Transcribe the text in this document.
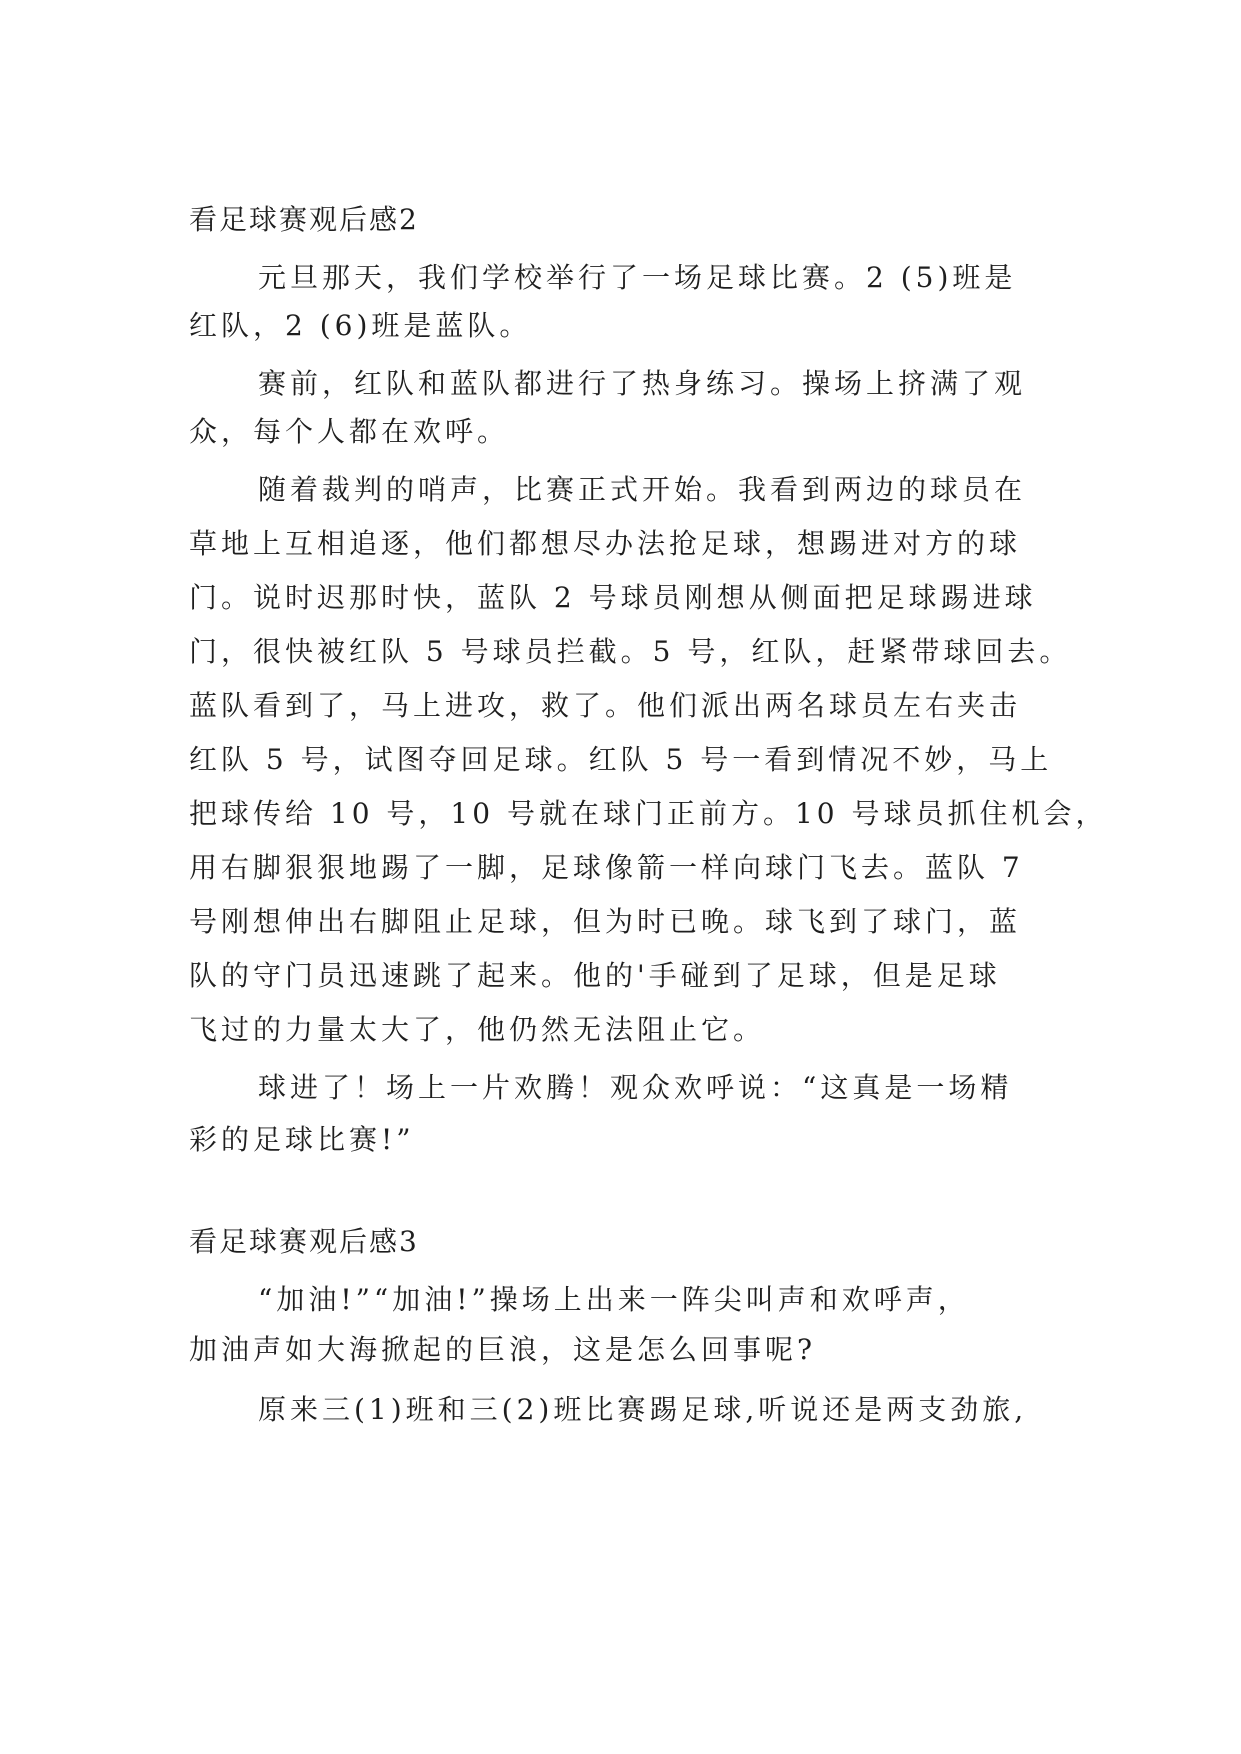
看足球赛观后感2
元旦那天，我们学校举行了一场足球比赛。2 (5)班是
红队，2 (6)班是蓝队。
赛前，红队和蓝队都进行了热身练习。操场上挤满了观
众，每个人都在欢呼。
随着裁判的哨声，比赛正式开始。我看到两边的球员在
草地上互相追逐，他们都想尽办法抢足球，想踢进对方的球
门。说时迟那时快，蓝队 2 号球员刚想从侧面把足球踢进球
门，很快被红队 5 号球员拦截。5 号，红队，赶紧带球回去。
蓝队看到了，马上进攻，救了。他们派出两名球员左右夹击
红队 5 号，试图夺回足球。红队 5 号一看到情况不妙，马上
把球传给 10 号，10 号就在球门正前方。10 号球员抓住机会，
用右脚狠狠地踢了一脚，足球像箭一样向球门飞去。蓝队 7
号刚想伸出右脚阻止足球，但为时已晚。球飞到了球门，蓝
队的守门员迅速跳了起来。他的'手碰到了足球，但是足球
飞过的力量太大了，他仍然无法阻止它。
球进了！场上一片欢腾！观众欢呼说：“这真是一场精
彩的足球比赛!”
看足球赛观后感3
“加油!”“加油!”操场上出来一阵尖叫声和欢呼声，
加油声如大海掀起的巨浪，这是怎么回事呢?
原来三(1)班和三(2)班比赛踢足球,听说还是两支劲旅,
